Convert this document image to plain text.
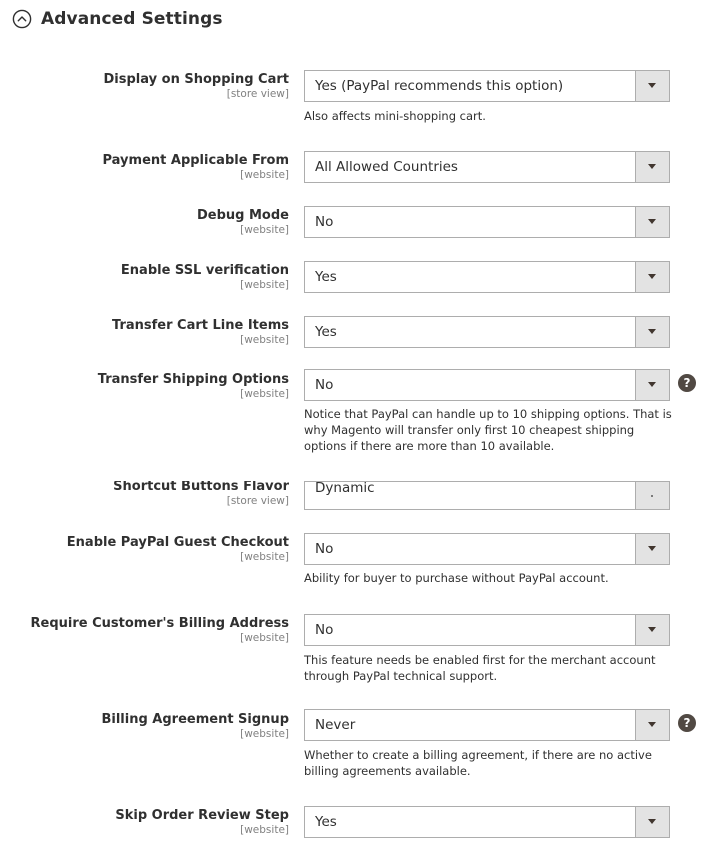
Advanced Settings
Display on Shopping Cart
[store view] Yes (PayPal recommends this option)
Also affects mini-shopping cart.
Payment Applicable From
[website] All Allowed Countries
Debug Mode
[website] No
Enable SSL verification
[website] Yes
Transfer Cart Line Items
[website] Yes
Transfer Shipping Options
[website]
No	?
Notice that PayPal can handle up to 10 shipping options. That is why Magento will transfer only first 10 cheapest shipping options if there are more than 10 available.
Shortcut Buttons Flavor
[store view]
Dynamic
Enable PayPal Guest Checkout
[website] No
Ability for buyer to purchase without PayPal account.
Require Customer's Billing Address
[website] No
This feature needs be enabled first for the merchant account through PayPal technical support.
Billing Agreement Signup
[website]
Never	?
Whether to create a billing agreement, if there are no active billing agreements available.
Skip Order Review Step
[website] Yes
